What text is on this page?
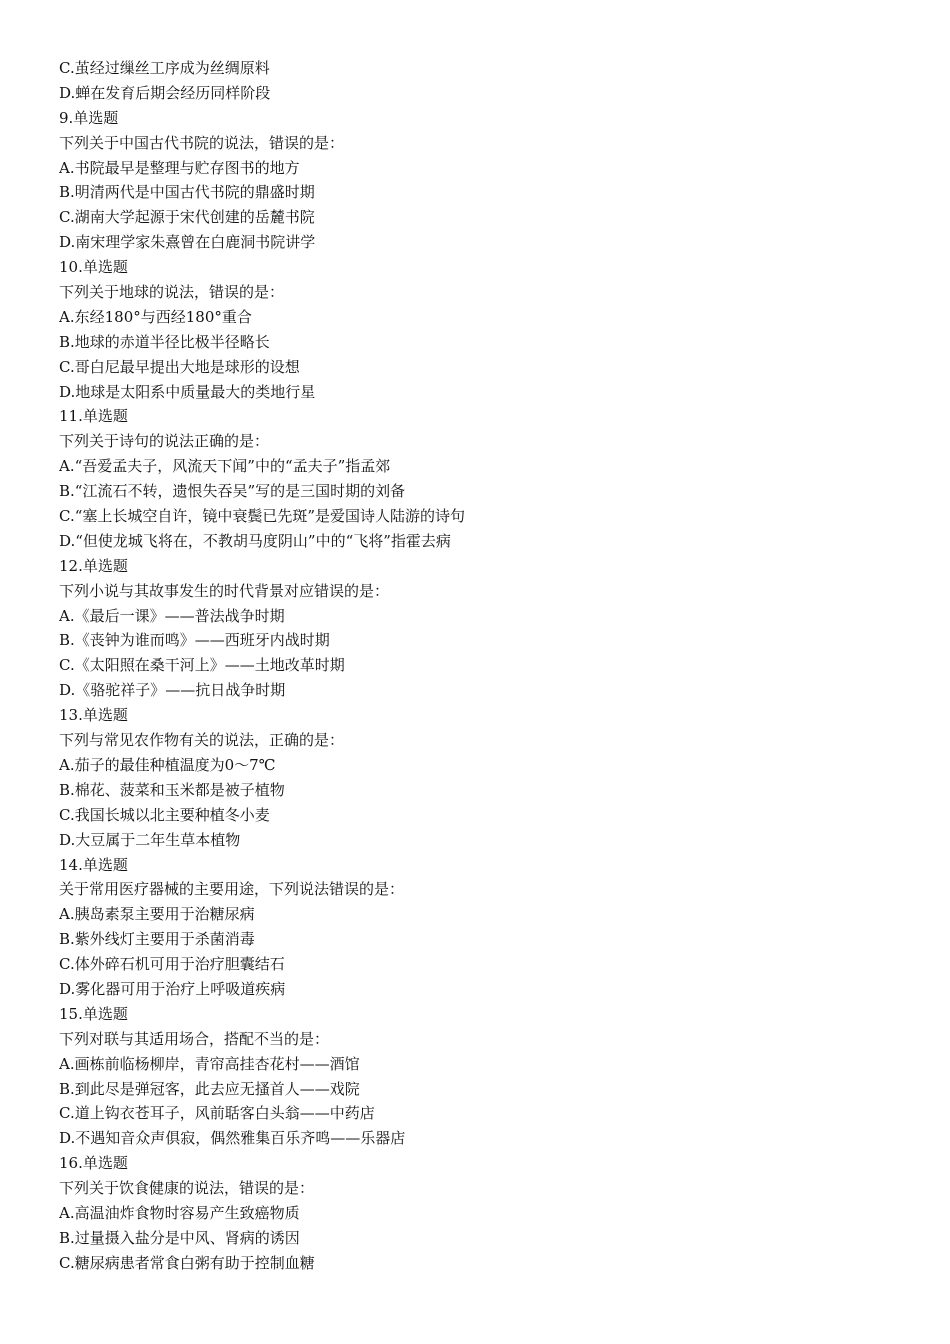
C.茧经过缫丝工序成为丝绸原料
D.蝉在发育后期会经历同样阶段
9.单选题
下列关于中国古代书院的说法，错误的是：
A.书院最早是整理与贮存图书的地方
B.明清两代是中国古代书院的鼎盛时期
C.湖南大学起源于宋代创建的岳麓书院
D.南宋理学家朱熹曾在白鹿洞书院讲学
10.单选题
下列关于地球的说法，错误的是：
A.东经180°与西经180°重合
B.地球的赤道半径比极半径略长
C.哥白尼最早提出大地是球形的设想
D.地球是太阳系中质量最大的类地行星
11.单选题
下列关于诗句的说法正确的是：
A.“吾爱孟夫子，风流天下闻”中的“孟夫子”指孟郊
B.“江流石不转，遗恨失吞吴”写的是三国时期的刘备
C.“塞上长城空自许，镜中衰鬓已先斑”是爱国诗人陆游的诗句
D.“但使龙城飞将在，不教胡马度阴山”中的“飞将”指霍去病
12.单选题
下列小说与其故事发生的时代背景对应错误的是：
A.《最后一课》——普法战争时期
B.《丧钟为谁而鸣》——西班牙内战时期
C.《太阳照在桑干河上》——土地改革时期
D.《骆驼祥子》——抗日战争时期
13.单选题
下列与常见农作物有关的说法，正确的是：
A.茄子的最佳种植温度为0～7℃
B.棉花、菠菜和玉米都是被子植物
C.我国长城以北主要种植冬小麦
D.大豆属于二年生草本植物
14.单选题
关于常用医疗器械的主要用途，下列说法错误的是：
A.胰岛素泵主要用于治糖尿病
B.紫外线灯主要用于杀菌消毒
C.体外碎石机可用于治疗胆囊结石
D.雾化器可用于治疗上呼吸道疾病
15.单选题
下列对联与其适用场合，搭配不当的是：
A.画栋前临杨柳岸，青帘高挂杏花村——酒馆
B.到此尽是弹冠客，此去应无搔首人——戏院
C.道上钩衣苍耳子，风前聒客白头翁——中药店
D.不遇知音众声俱寂，偶然雅集百乐齐鸣——乐器店
16.单选题
下列关于饮食健康的说法，错误的是：
A.高温油炸食物时容易产生致癌物质
B.过量摄入盐分是中风、肾病的诱因
C.糖尿病患者常食白粥有助于控制血糖
